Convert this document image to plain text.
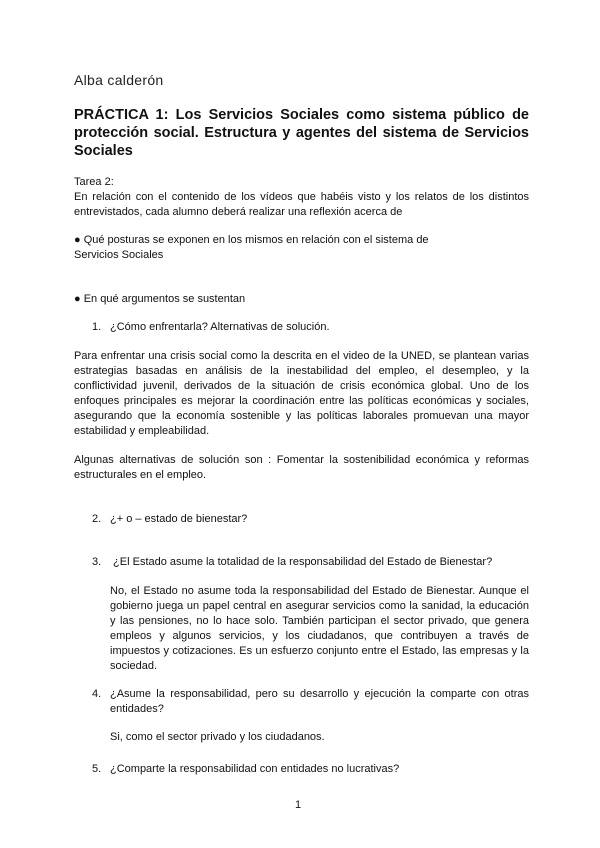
Alba calderón

PRÁCTICA 1: Los Servicios Sociales como sistema público de protección social. Estructura y agentes del sistema de Servicios Sociales

Tarea 2:

En relación con el contenido de los vídeos que habéis visto y los relatos de los distintos entrevistados, cada alumno deberá realizar una reflexión acerca de

● Qué posturas se exponen en los mismos en relación con el sistema de Servicios Sociales

● En qué argumentos se sustentan

1. ¿Cómo enfrentarla? Alternativas de solución.

Para enfrentar una crisis social como la descrita en el video de la UNED, se plantean varias estrategias basadas en análisis de la inestabilidad del empleo, el desempleo, y la conflictividad juvenil, derivados de la situación de crisis económica global. Uno de los enfoques principales es mejorar la coordinación entre las políticas económicas y sociales, asegurando que la economía sostenible y las políticas laborales promuevan una mayor estabilidad y empleabilidad.

Algunas alternativas de solución son : Fomentar la sostenibilidad económica y reformas estructurales en el empleo.

2. ¿+ o – estado de bienestar?

3. ¿El Estado asume la totalidad de la responsabilidad del Estado de Bienestar?

No, el Estado no asume toda la responsabilidad del Estado de Bienestar. Aunque el gobierno juega un papel central en asegurar servicios como la sanidad, la educación y las pensiones, no lo hace solo. También participan el sector privado, que genera empleos y algunos servicios, y los ciudadanos, que contribuyen a través de impuestos y cotizaciones. Es un esfuerzo conjunto entre el Estado, las empresas y la sociedad.

4. ¿Asume la responsabilidad, pero su desarrollo y ejecución la comparte con otras entidades?

Si, como el sector privado y los ciudadanos.

5. ¿Comparte la responsabilidad con entidades no lucrativas?

1
